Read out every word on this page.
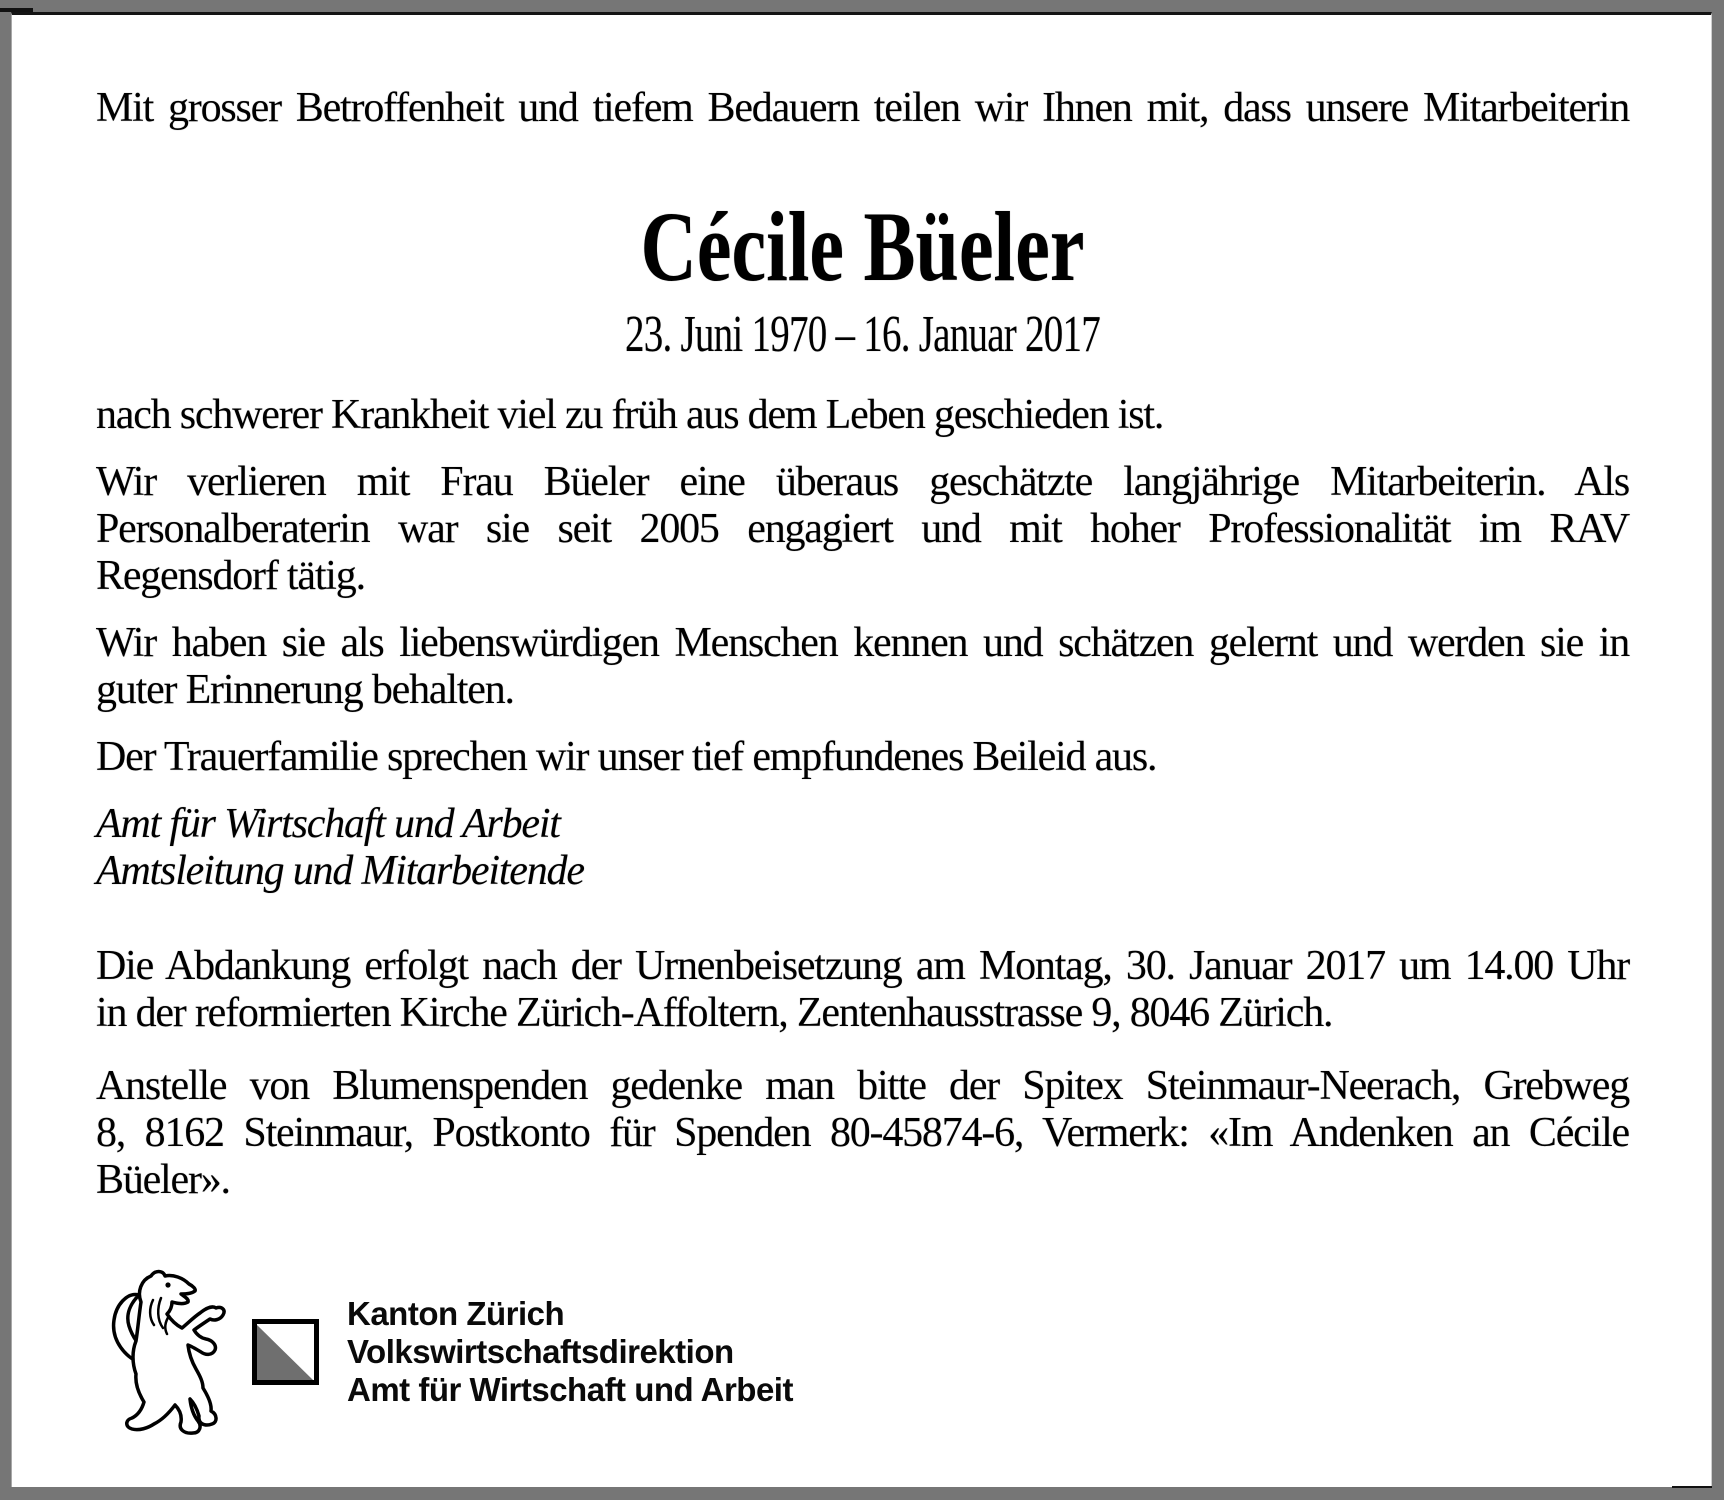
Mit grosser Betroffenheit und tiefem Bedauern teilen wir Ihnen mit, dass unsere Mitarbeiterin
Cécile Büeler
23. Juni 1970 – 16. Januar 2017
nach schwerer Krankheit viel zu früh aus dem Leben geschieden ist.
Wir verlieren mit Frau Büeler eine überaus geschätzte langjährige Mitarbeiterin. Als
Personalberaterin war sie seit 2005 engagiert und mit hoher Professionalität im RAV
Regensdorf tätig.
Wir haben sie als liebenswürdigen Menschen kennen und schätzen gelernt und werden sie in
guter Erinnerung behalten.
Der Trauerfamilie sprechen wir unser tief empfundenes Beileid aus.
Amt für Wirtschaft und Arbeit
Amtsleitung und Mitarbeitende
Die Abdankung erfolgt nach der Urnenbeisetzung am Montag, 30. Januar 2017 um 14.00 Uhr
in der reformierten Kirche Zürich-Affoltern, Zentenhausstrasse 9, 8046 Zürich.
Anstelle von Blumenspenden gedenke man bitte der Spitex Steinmaur-Neerach, Grebweg
8, 8162 Steinmaur, Postkonto für Spenden 80-45874-6, Vermerk: «Im Andenken an Cécile
Büeler».
Kanton Zürich
Volkswirtschaftsdirektion
Amt für Wirtschaft und Arbeit
